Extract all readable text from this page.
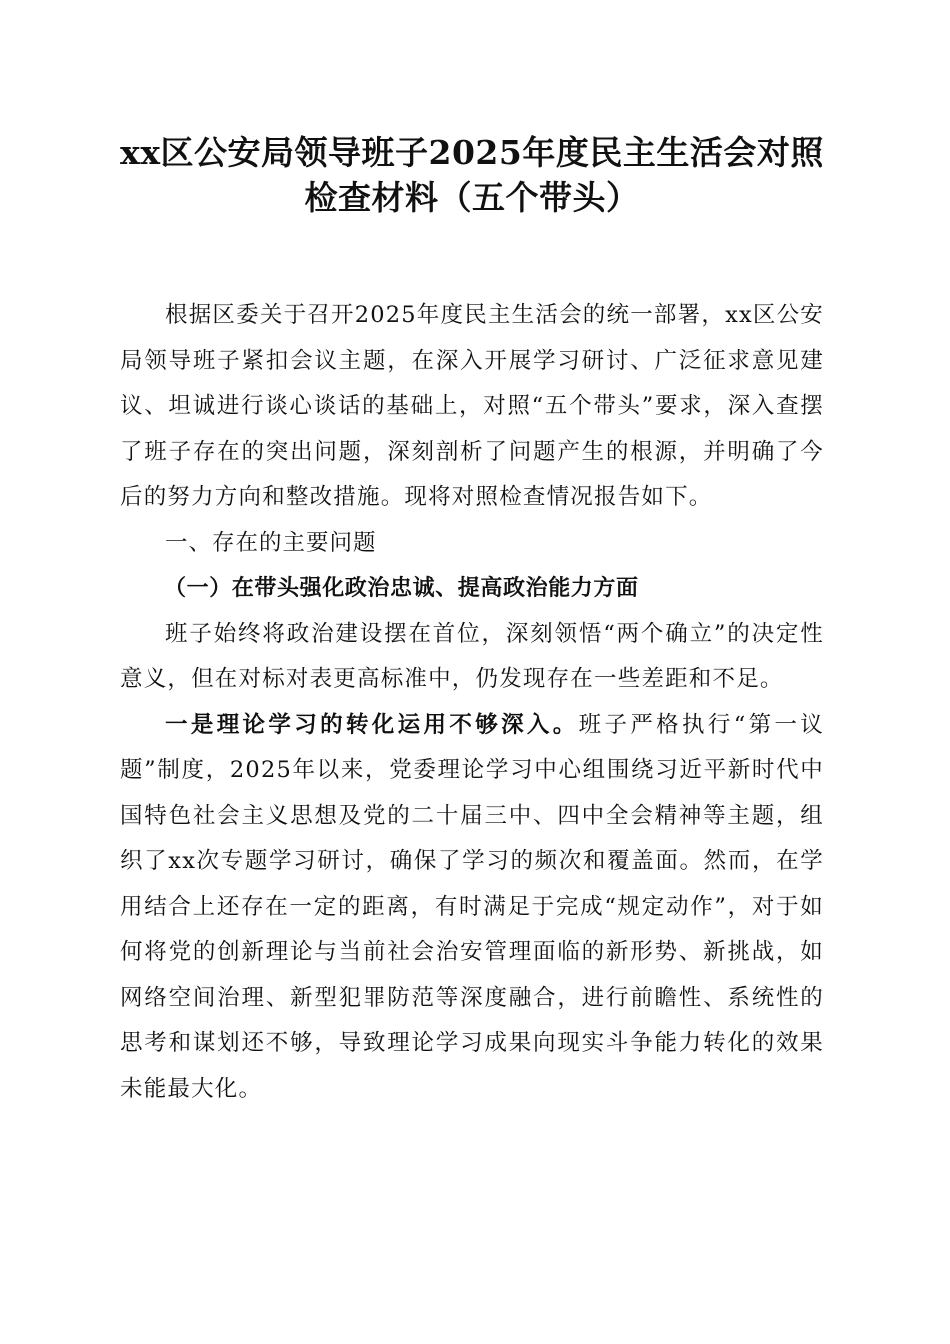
xx区公安局领导班子2025年度民主生活会对照检查材料（五个带头）

根据区委关于召开2025年度民主生活会的统一部署，xx区公安局领导班子紧扣会议主题，在深入开展学习研讨、广泛征求意见建议、坦诚进行谈心谈话的基础上，对照“五个带头”要求，深入查摆了班子存在的突出问题，深刻剖析了问题产生的根源，并明确了今后的努力方向和整改措施。现将对照检查情况报告如下。

一、存在的主要问题

（一）在带头强化政治忠诚、提高政治能力方面

班子始终将政治建设摆在首位，深刻领悟“两个确立”的决定性意义，但在对标对表更高标准中，仍发现存在一些差距和不足。

一是理论学习的转化运用不够深入。班子严格执行“第一议题”制度，2025年以来，党委理论学习中心组围绕习近平新时代中国特色社会主义思想及党的二十届三中、四中全会精神等主题，组织了xx次专题学习研讨，确保了学习的频次和覆盖面。然而，在学用结合上还存在一定的距离，有时满足于完成“规定动作”，对于如何将党的创新理论与当前社会治安管理面临的新形势、新挑战，如网络空间治理、新型犯罪防范等深度融合，进行前瞻性、系统性的思考和谋划还不够，导致理论学习成果向现实斗争能力转化的效果未能最大化。
